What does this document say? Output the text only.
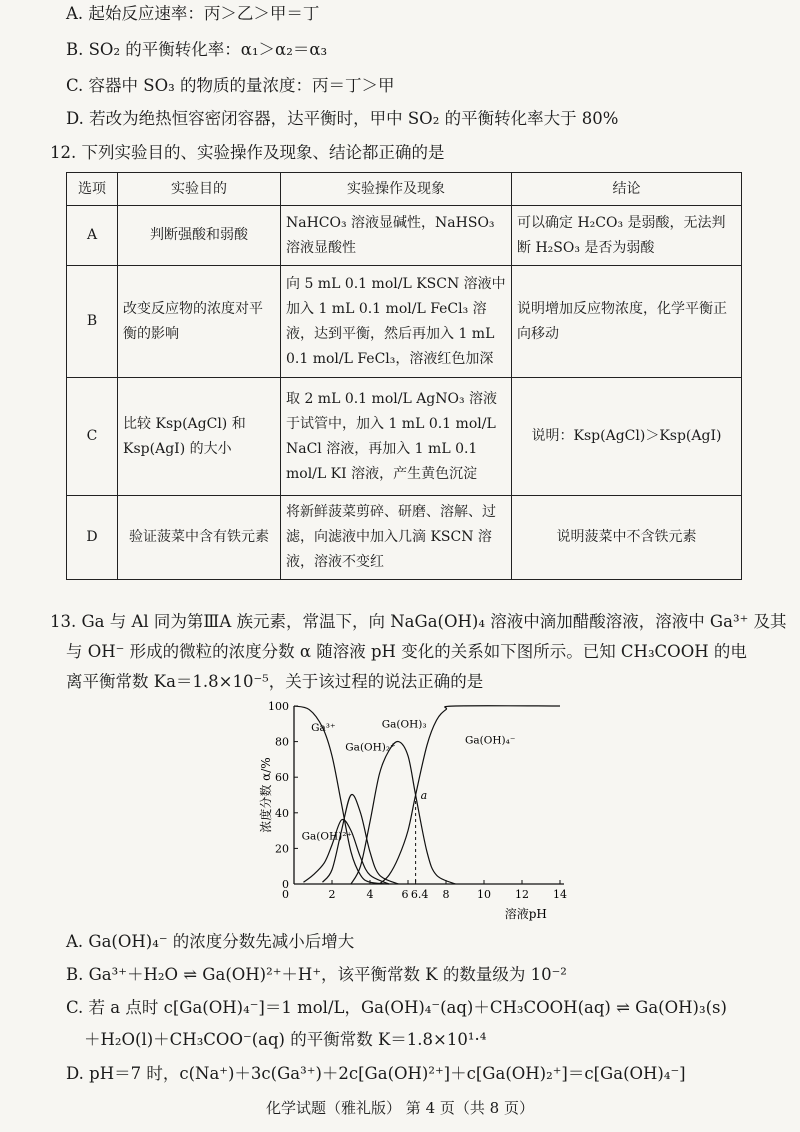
A. 起始反应速率：丙＞乙＞甲＝丁
B. SO₂ 的平衡转化率：α₁＞α₂＝α₃
C. 容器中 SO₃ 的物质的量浓度：丙＝丁＞甲
D. 若改为绝热恒容密闭容器，达平衡时，甲中 SO₂ 的平衡转化率大于 80%
12. 下列实验目的、实验操作及现象、结论都正确的是
选项	实验目的	实验操作及现象	结论
A	判断强酸和弱酸	NaHCO₃ 溶液显碱性，NaHSO₃ 溶液显酸性	可以确定 H₂CO₃ 是弱酸，无法判断 H₂SO₃ 是否为弱酸
B	改变反应物的浓度对平衡的影响	向 5 mL 0.1 mol/L KSCN 溶液中加入 1 mL 0.1 mol/L FeCl₃ 溶液，达到平衡，然后再加入 1 mL 0.1 mol/L FeCl₃，溶液红色加深	说明增加反应物浓度，化学平衡正向移动
C	比较 Ksp(AgCl) 和 Ksp(AgI) 的大小	取 2 mL 0.1 mol/L AgNO₃ 溶液于试管中，加入 1 mL 0.1 mol/L NaCl 溶液，再加入 1 mL 0.1 mol/L KI 溶液，产生黄色沉淀	说明：Ksp(AgCl)＞Ksp(AgI)
D	验证菠菜中含有铁元素	将新鲜菠菜剪碎、研磨、溶解、过滤，向滤液中加入几滴 KSCN 溶液，溶液不变红	说明菠菜中不含铁元素
13. Ga 与 Al 同为第ⅢA 族元素，常温下，向 NaGa(OH)₄ 溶液中滴加醋酸溶液，溶液中 Ga³⁺ 及其
与 OH⁻ 形成的微粒的浓度分数 α 随溶液 pH 变化的关系如下图所示。已知 CH₃COOH 的电
离平衡常数 Ka＝1.8×10⁻⁵，关于该过程的说法正确的是
0
20
40
60
80
100
2	4	6 6.4 8	10 12 14
0
溶液pH
浓度分数 α/%
Ga³⁺
Ga(OH)²⁺
Ga(OH)₂⁺
Ga(OH)₃
Ga(OH)₄⁻
a
A. Ga(OH)₄⁻ 的浓度分数先减小后增大
B. Ga³⁺＋H₂O ⇌ Ga(OH)²⁺＋H⁺，该平衡常数 K 的数量级为 10⁻²
C. 若 a 点时 c[Ga(OH)₄⁻]＝1 mol/L，Ga(OH)₄⁻(aq)＋CH₃COOH(aq) ⇌ Ga(OH)₃(s)
＋H₂O(l)＋CH₃COO⁻(aq) 的平衡常数 K＝1.8×10¹·⁴
D. pH＝7 时，c(Na⁺)＋3c(Ga³⁺)＋2c[Ga(OH)²⁺]＋c[Ga(OH)₂⁺]＝c[Ga(OH)₄⁻]
化学试题（雅礼版） 第 4 页（共 8 页）
